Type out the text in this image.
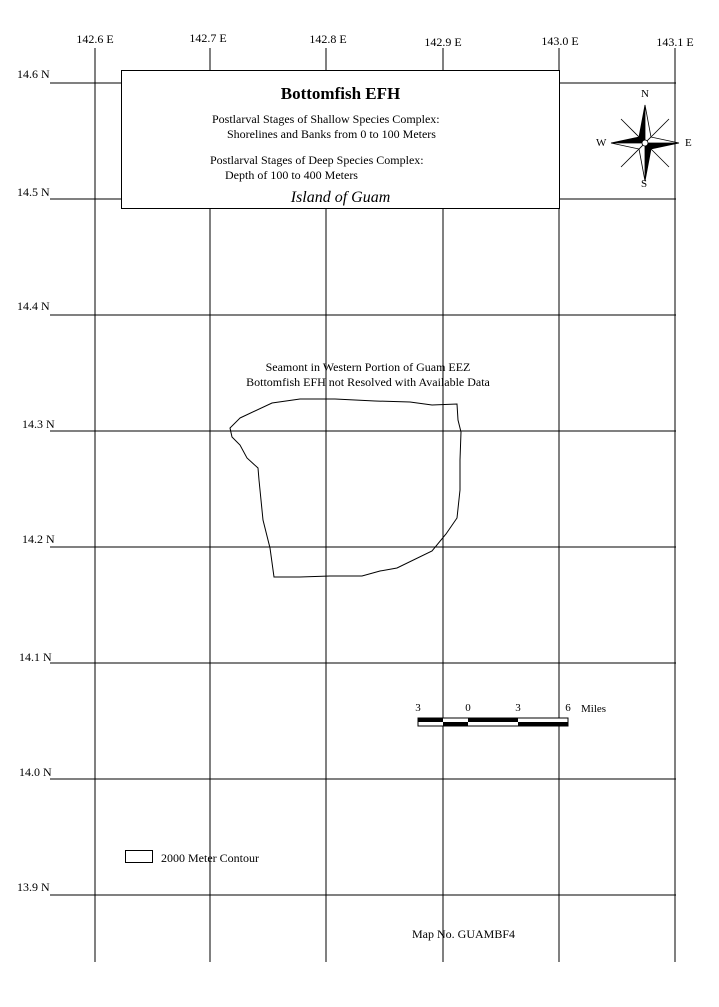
142.6 E	142.7 E	142.8 E	142.9 E	143.0 E	143.1 E
14.6 N
14.5 N
14.4 N
14.3 N
14.2 N
14.1 N
14.0 N
13.9 N
Bottomfish EFH
Postlarval Stages of Shallow Species Complex:
Shorelines and Banks from 0 to 100 Meters
Postlarval Stages of Deep Species Complex:
Depth of 100 to 400 Meters
Island of Guam
N
S
E
W
Seamont in Western Portion of Guam EEZ
Bottomfish EFH not Resolved with Available Data
3	0	3	6 Miles
2000 Meter Contour
Map No. GUAMBF4
